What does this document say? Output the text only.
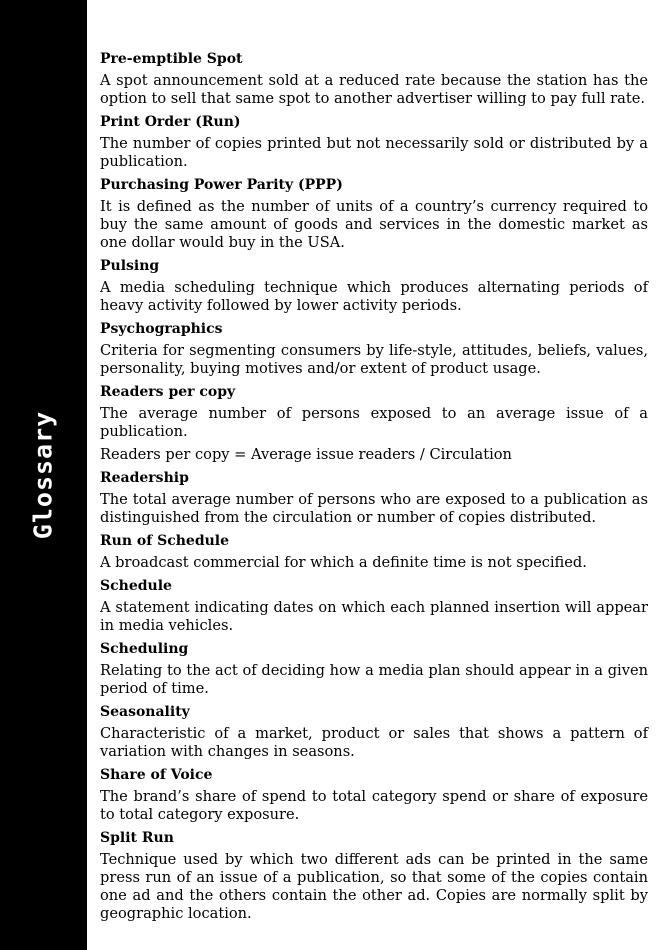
Glossary
Pre-emptible Spot
A spot announcement sold at a reduced rate because the station has the option to sell that same spot to another advertiser willing to pay full rate.
Print Order (Run)
The number of copies printed but not necessarily sold or distributed by a publication.
Purchasing Power Parity (PPP)
It is defined as the number of units of a country’s currency required to buy the same amount of goods and services in the domestic market as one dollar would buy in the USA.
Pulsing
A media scheduling technique which produces alternating periods of heavy activity followed by lower activity periods.
Psychographics
Criteria for segmenting consumers by life-style, attitudes, beliefs, values, personality, buying motives and/or extent of product usage.
Readers per copy
The average number of persons exposed to an average issue of a publication.
Readers per copy = Average issue readers / Circulation
Readership
The total average number of persons who are exposed to a publication as distinguished from the circulation or number of copies distributed.
Run of Schedule
A broadcast commercial for which a definite time is not specified.
Schedule
A statement indicating dates on which each planned insertion will appear in media vehicles.
Scheduling
Relating to the act of deciding how a media plan should appear in a given period of time.
Seasonality
Characteristic of a market, product or sales that shows a pattern of variation with changes in seasons.
Share of Voice
The brand’s share of spend to total category spend or share of exposure to total category exposure.
Split Run
Technique used by which two different ads can be printed in the same press run of an issue of a publication, so that some of the copies contain one ad and the others contain the other ad. Copies are normally split by geographic location.
